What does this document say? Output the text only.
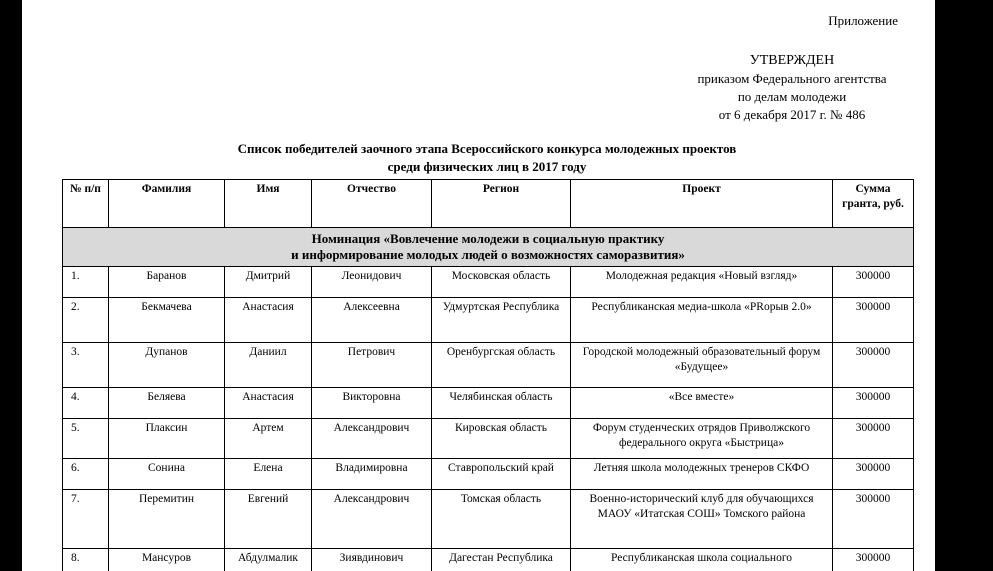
Приложение
УТВЕРЖДЕН
приказом Федерального агентства
по делам молодежи
от 6 декабря 2017 г. № 486
Список победителей заочного этапа Всероссийского конкурса молодежных проектов
среди физических лиц в 2017 году
№ п/п	Фамилия	Имя	Отчество	Регион	Проект	Сумма гранта, руб.

Номинация «Вовлечение молодежи в социальную практику
и информирование молодых людей о возможностях саморазвития»						

1.	Баранов	Дмитрий	Леонидович	Московская область	Молодежная редакция «Новый взгляд»	300000
2.	Бекмачева	Анастасия	Алексеевна	Удмуртская Республика	Республиканская медиа-школа «PRорыв 2.0»	300000
3.	Дупанов	Даниил	Петрович	Оренбургская область	Городской молодежный образовательный форум «Будущее»	300000
4.	Беляева	Анастасия	Викторовна	Челябинская область	«Все вместе»	300000
5.	Плаксин	Артем	Александрович	Кировская область	Форум студенческих отрядов Приволжского федерального округа «Быстрица»	300000
6.	Сонина	Елена	Владимировна	Ставропольский край	Летняя школа молодежных тренеров СКФО	300000
7.	Перемитин	Евгений	Александрович	Томская область	Военно-исторический клуб для обучающихся МАОУ «Итатская СОШ» Томского района	300000
8.	Мансуров	Абдулмалик	Зиявдинович	Дагестан Республика	Республиканская школа социального	300000
